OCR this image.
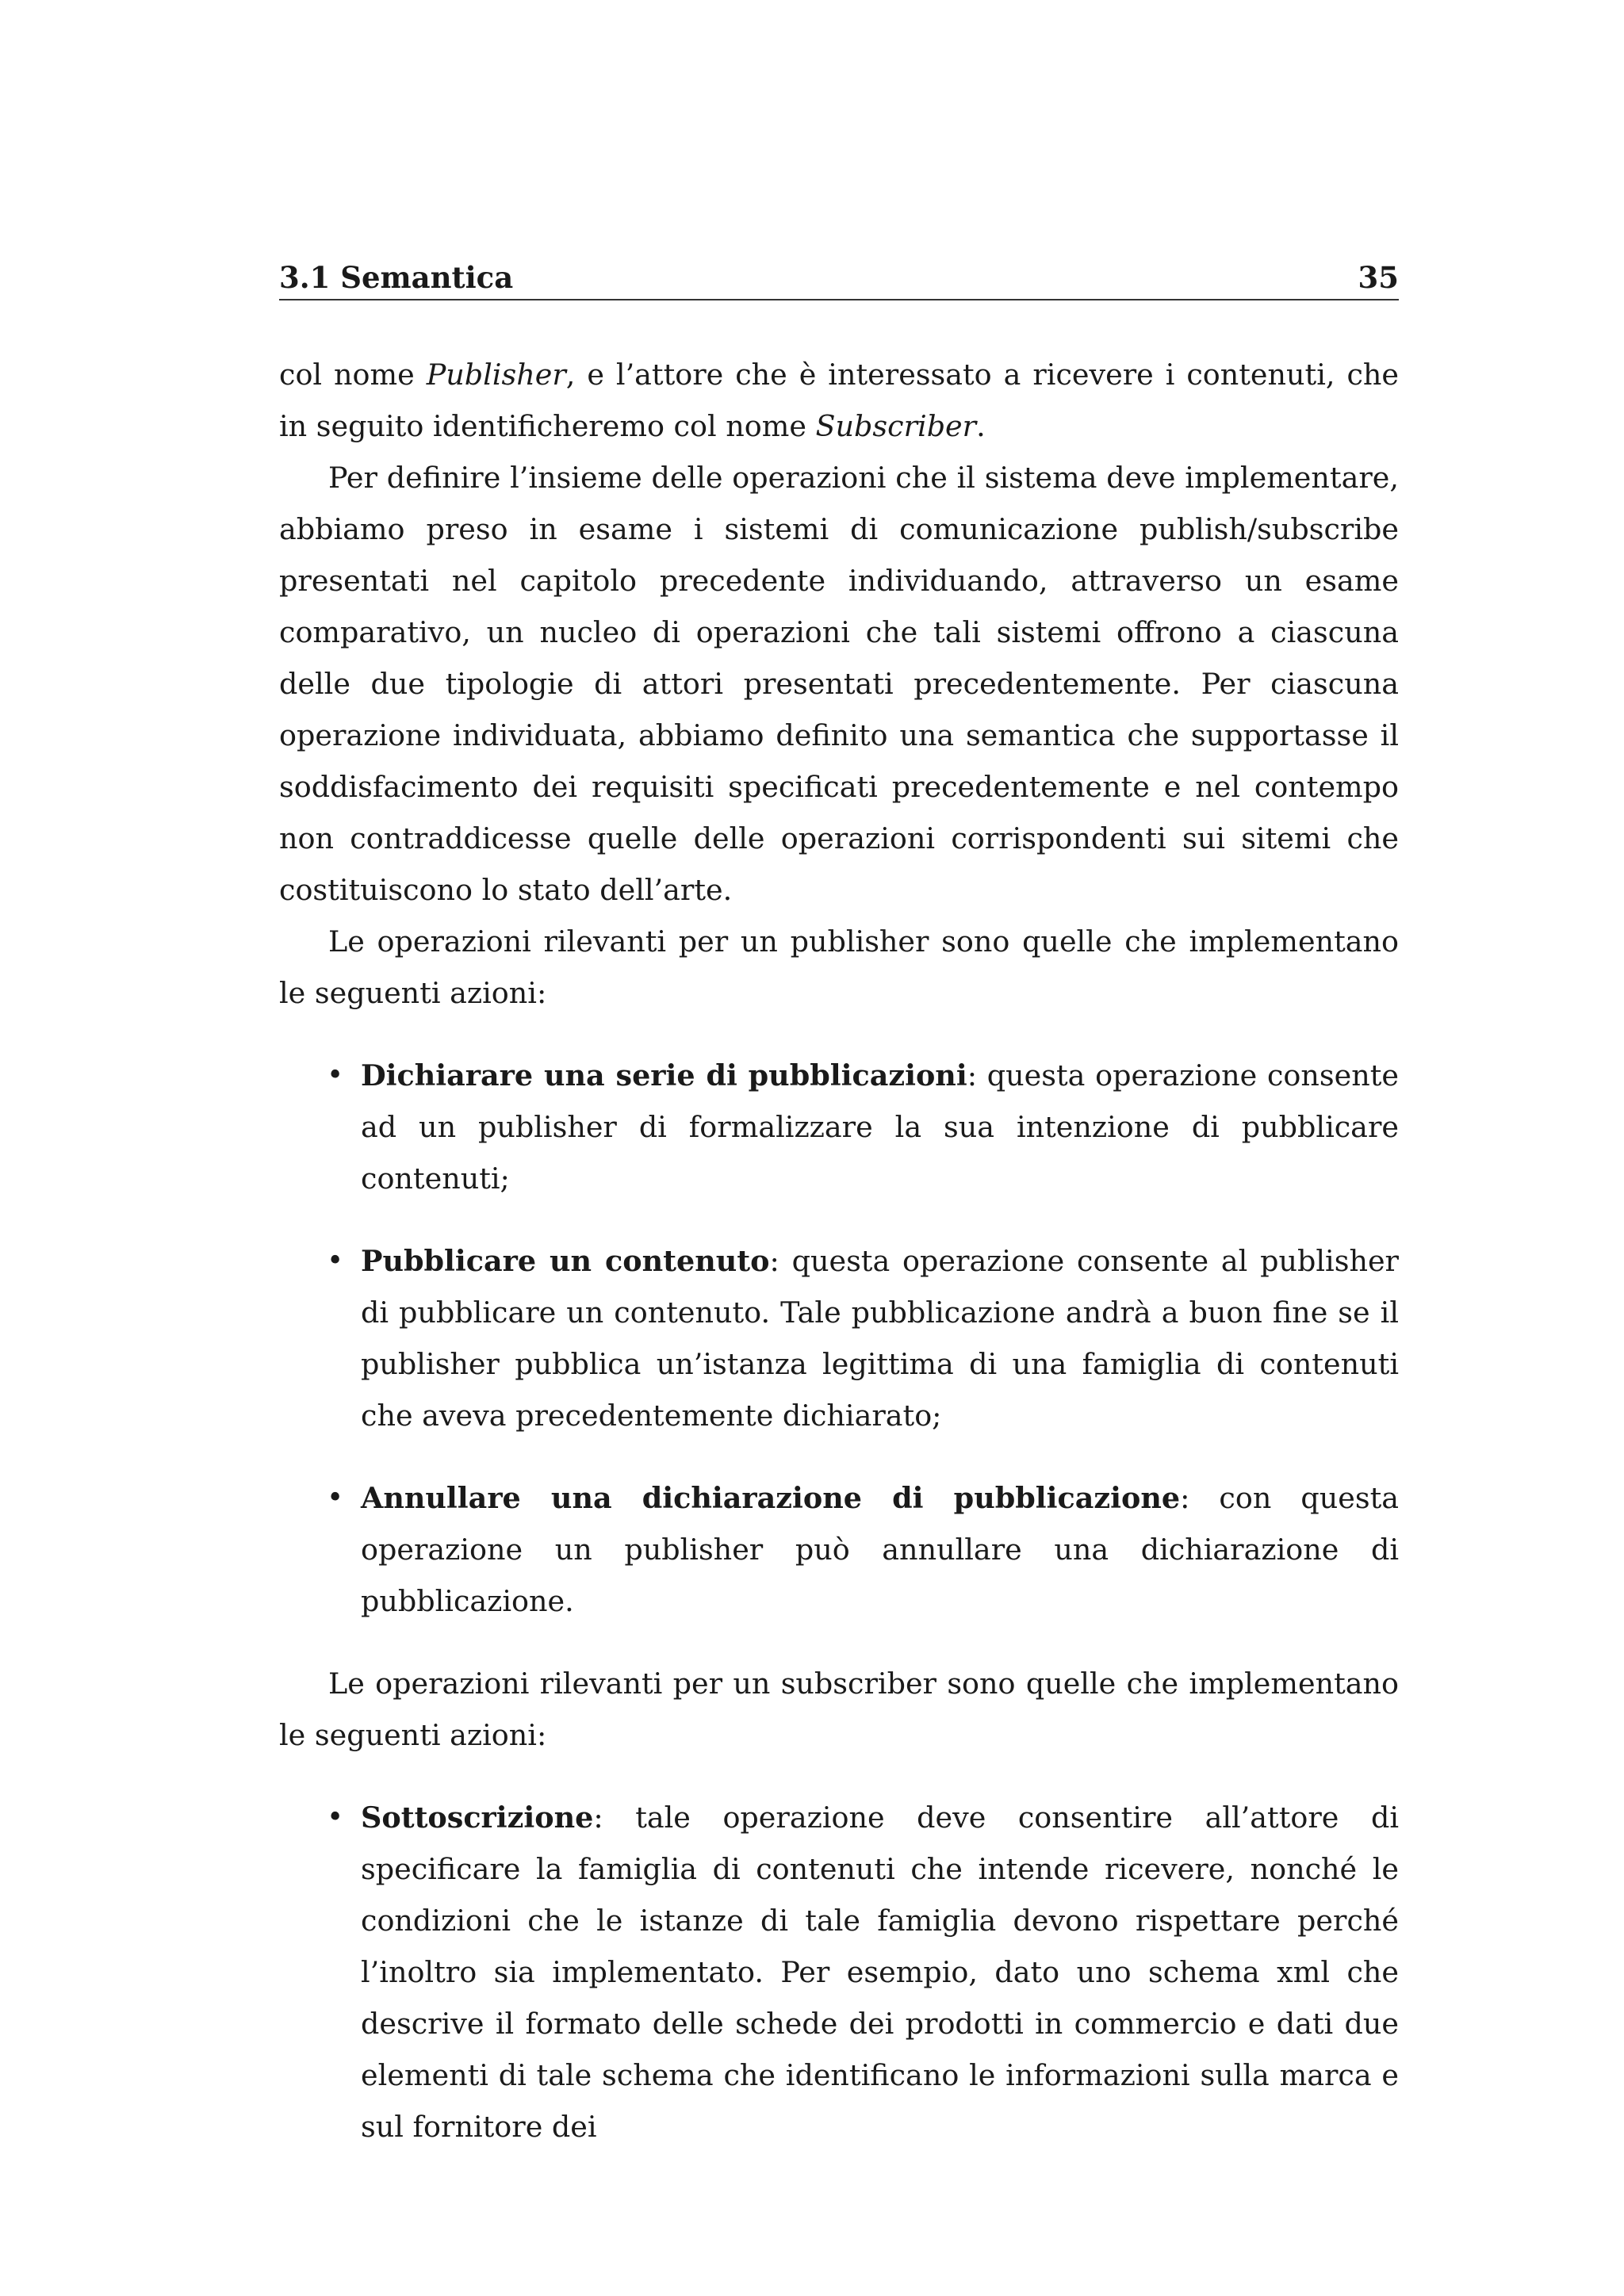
3.1 Semantica	35

col nome Publisher, e l’attore che è interessato a ricevere i contenuti, che in seguito identificheremo col nome Subscriber.

Per definire l’insieme delle operazioni che il sistema deve implementare, abbiamo preso in esame i sistemi di comunicazione publish/subscribe presentati nel capitolo precedente individuando, attraverso un esame comparativo, un nucleo di operazioni che tali sistemi offrono a ciascuna delle due tipologie di attori presentati precedentemente. Per ciascuna operazione individuata, abbiamo definito una semantica che supportasse il soddisfacimento dei requisiti specificati precedentemente e nel contempo non contraddicesse quelle delle operazioni corrispondenti sui sitemi che costituiscono lo stato dell’arte.

Le operazioni rilevanti per un publisher sono quelle che implementano le seguenti azioni:

• Dichiarare una serie di pubblicazioni: questa operazione consente ad un publisher di formalizzare la sua intenzione di pubblicare contenuti;
• Pubblicare un contenuto: questa operazione consente al publisher di pubblicare un contenuto. Tale pubblicazione andrà a buon fine se il publisher pubblica un’istanza legittima di una famiglia di contenuti che aveva precedentemente dichiarato;
• Annullare una dichiarazione di pubblicazione: con questa operazione un publisher può annullare una dichiarazione di pubblicazione.

Le operazioni rilevanti per un subscriber sono quelle che implementano le seguenti azioni:

• Sottoscrizione: tale operazione deve consentire all’attore di specificare la famiglia di contenuti che intende ricevere, nonché le condizioni che le istanze di tale famiglia devono rispettare perché l’inoltro sia implementato. Per esempio, dato uno schema xml che descrive il formato delle schede dei prodotti in commercio e dati due elementi di tale schema che identificano le informazioni sulla marca e sul fornitore dei
